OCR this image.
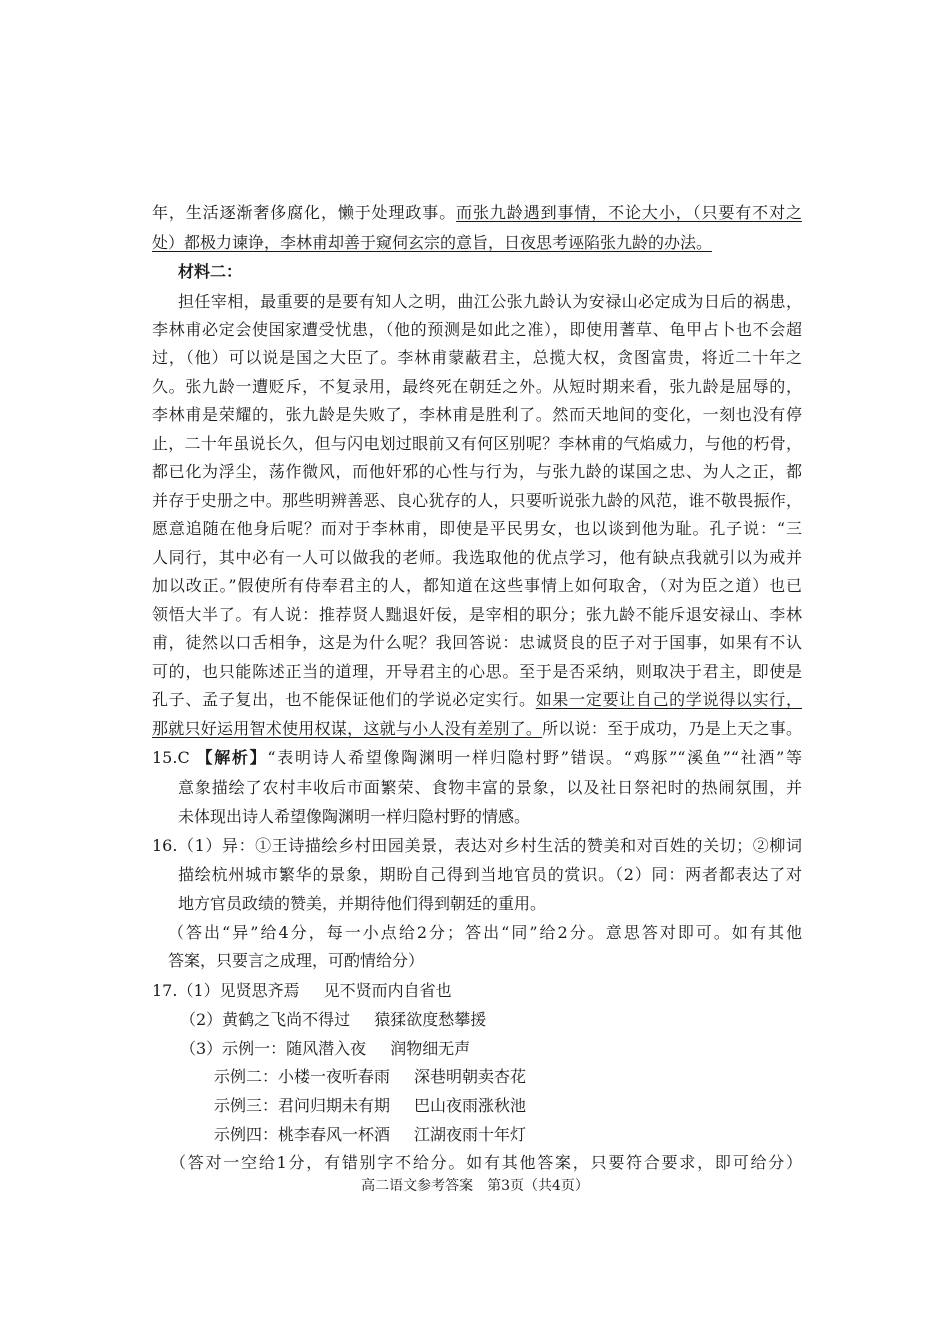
年，生活逐渐奢侈腐化，懒于处理政事。而张九龄遇到事情，不论大小，（只要有不对之
处）都极力谏诤，李林甫却善于窥伺玄宗的意旨，日夜思考诬陷张九龄的办法。
材料二：
担任宰相，最重要的是要有知人之明，曲江公张九龄认为安禄山必定成为日后的祸患，
李林甫必定会使国家遭受忧患，（他的预测是如此之准），即使用蓍草、龟甲占卜也不会超
过，（他）可以说是国之大臣了。李林甫蒙蔽君主，总揽大权，贪图富贵，将近二十年之
久。张九龄一遭贬斥，不复录用，最终死在朝廷之外。从短时期来看，张九龄是屈辱的，
李林甫是荣耀的，张九龄是失败了，李林甫是胜利了。然而天地间的变化，一刻也没有停
止，二十年虽说长久，但与闪电划过眼前又有何区别呢？李林甫的气焰威力，与他的朽骨，
都已化为浮尘，荡作微风，而他奸邪的心性与行为，与张九龄的谋国之忠、为人之正，都
并存于史册之中。那些明辨善恶、良心犹存的人，只要听说张九龄的风范，谁不敬畏振作，
愿意追随在他身后呢？而对于李林甫，即使是平民男女，也以谈到他为耻。孔子说：“三
人同行，其中必有一人可以做我的老师。我选取他的优点学习，他有缺点我就引以为戒并
加以改正。”假使所有侍奉君主的人，都知道在这些事情上如何取舍，（对为臣之道）也已
领悟大半了。有人说：推荐贤人黜退奸佞，是宰相的职分；张九龄不能斥退安禄山、李林
甫，徒然以口舌相争，这是为什么呢？我回答说：忠诚贤良的臣子对于国事，如果有不认
可的，也只能陈述正当的道理，开导君主的心思。至于是否采纳，则取决于君主，即使是
孔子、孟子复出，也不能保证他们的学说必定实行。如果一定要让自己的学说得以实行，
那就只好运用智术使用权谋，这就与小人没有差别了。所以说：至于成功，乃是上天之事。
15.C 【解析】“表明诗人希望像陶渊明一样归隐村野”错误。“鸡豚”“溪鱼”“社酒”等
意象描绘了农村丰收后市面繁荣、食物丰富的景象，以及社日祭祀时的热闹氛围，并
未体现出诗人希望像陶渊明一样归隐村野的情感。
16.（1）异：①王诗描绘乡村田园美景，表达对乡村生活的赞美和对百姓的关切；②柳词
描绘杭州城市繁华的景象，期盼自己得到当地官员的赏识。（2）同：两者都表达了对
地方官员政绩的赞美，并期待他们得到朝廷的重用。
（答出“异”给4分，每一小点给2分；答出“同”给2分。意思答对即可。如有其他
答案，只要言之成理，可酌情给分）
17.（1）见贤思齐焉 见不贤而内自省也
（2）黄鹤之飞尚不得过 猿猱欲度愁攀援
（3）示例一：随风潜入夜 润物细无声
示例二：小楼一夜听春雨 深巷明朝卖杏花
示例三：君问归期未有期 巴山夜雨涨秋池
示例四：桃李春风一杯酒 江湖夜雨十年灯
（答对一空给1分，有错别字不给分。如有其他答案，只要符合要求，即可给分）
高二语文参考答案　第3页（共4页）
